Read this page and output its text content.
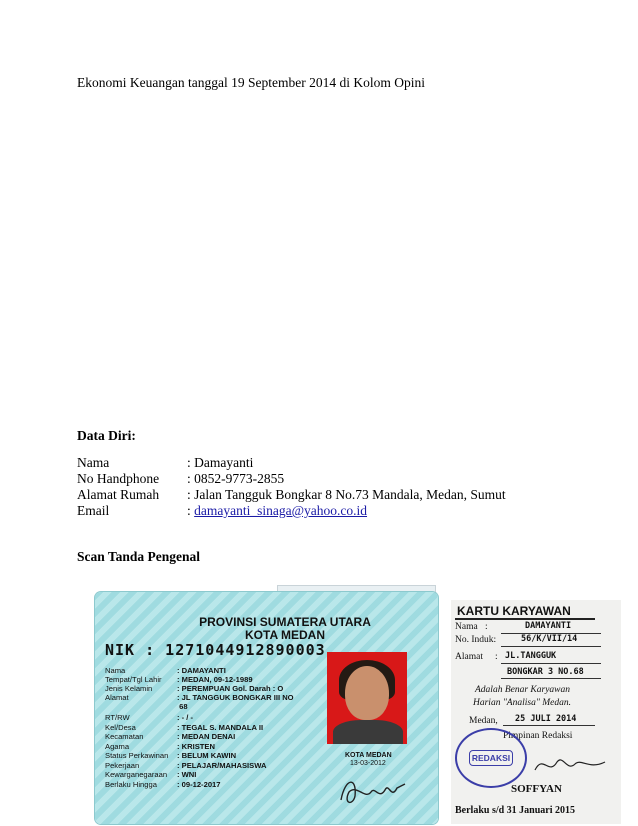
Ekonomi Keuangan tanggal 19 September 2014 di Kolom Opini
Data Diri:
Nama	: Damayanti
No Handphone : 0852-9773-2855
Alamat Rumah : Jalan Tangguk Bongkar 8 No.73 Mandala, Medan, Sumut
Email	: damayanti_sinaga@yahoo.co.id
Scan Tanda Pengenal
PROVINSI SUMATERA UTARA
KOTA MEDAN
NIK : 1271044912890003
Nama	: DAMAYANTI
Tempat/Tgl Lahir : MEDAN, 09-12-1989
Jenis Kelamin	: PEREMPUAN Gol. Darah : O
Alamat	: JL TANGGUK BONGKAR III NO
68
RT/RW	: - / -
Kel/Desa	: TEGAL S. MANDALA II
Kecamatan	: MEDAN DENAI
Agama	: KRISTEN
Status Perkawinan : BELUM KAWIN
Pekerjaan	: PELAJAR/MAHASISWA
Kewarganegaraan : WNI
Berlaku Hingga	: 09-12-2017
KOTA MEDAN
13-03-2012
KARTU KARYAWAN
Nama :	DAMAYANTI
No. Induk:	56/K/VII/14
Alamat : JL.TANGGUK
BONGKAR 3 NO.68
Adalah Benar Karyawan
Harian "Analisa" Medan.
Medan, 25 JULI 2014
Pimpinan Redaksi
REDAKSI
SOFFYAN
Berlaku s/d 31 Januari 2015
